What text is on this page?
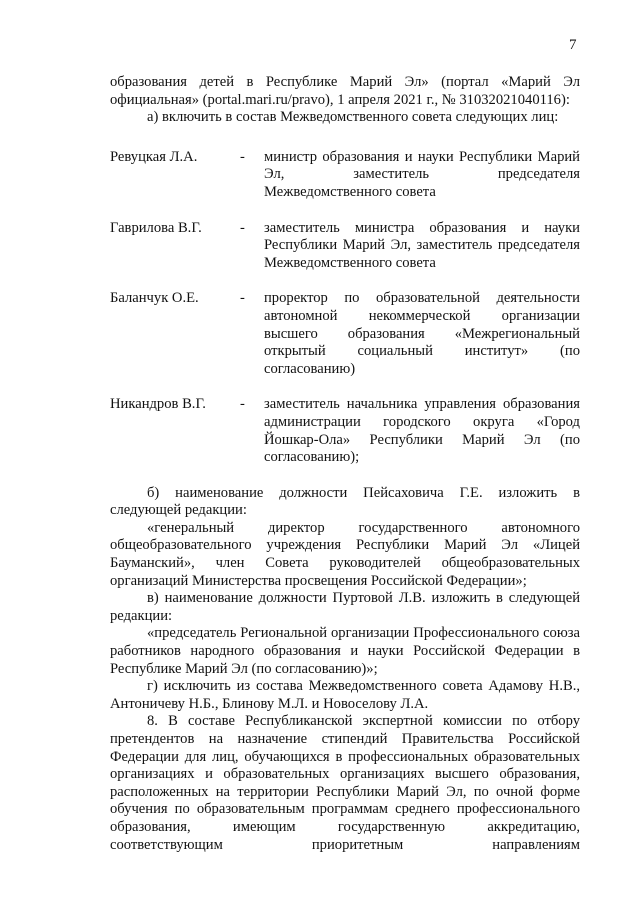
7

образования детей в Республике Марий Эл» (портал «Марий Эл официальная» (portal.mari.ru/pravo), 1 апреля 2021 г., № 31032021040116):

а) включить в состав Межведомственного совета следующих лиц:

Ревуцкая Л.А.	-	министр образования и науки Республики Марий Эл, заместитель председателя Межведомственного совета
Гаврилова В.Г.	-	заместитель министра образования и науки Республики Марий Эл, заместитель председателя Межведомственного совета
Баланчук О.Е.	-	проректор по образовательной деятельности автономной некоммерческой организации высшего образования «Межрегиональный открытый социальный институт» (по согласованию)
Никандров В.Г.	-	заместитель начальника управления образования администрации городского округа «Город Йошкар-Ола» Республики Марий Эл (по согласованию);

б) наименование должности Пейсаховича Г.Е. изложить в следующей редакции:

«генеральный директор государственного автономного общеобразовательного учреждения Республики Марий Эл «Лицей Бауманский», член Совета руководителей общеобразовательных организаций Министерства просвещения Российской Федерации»;

в) наименование должности Пуртовой Л.В. изложить в следующей редакции:

«председатель Региональной организации Профессионального союза работников народного образования и науки Российской Федерации в Республике Марий Эл (по согласованию)»;

г) исключить из состава Межведомственного совета Адамову Н.В., Антоничеву Н.Б., Блинову М.Л. и Новоселову Л.А.

8. В составе Республиканской экспертной комиссии по отбору претендентов на назначение стипендий Правительства Российской Федерации для лиц, обучающихся в профессиональных образовательных организациях и образовательных организациях высшего образования, расположенных на территории Республики Марий Эл, по очной форме обучения по образовательным программам среднего профессионального образования, имеющим государственную аккредитацию, соответствующим приоритетным направлениям
